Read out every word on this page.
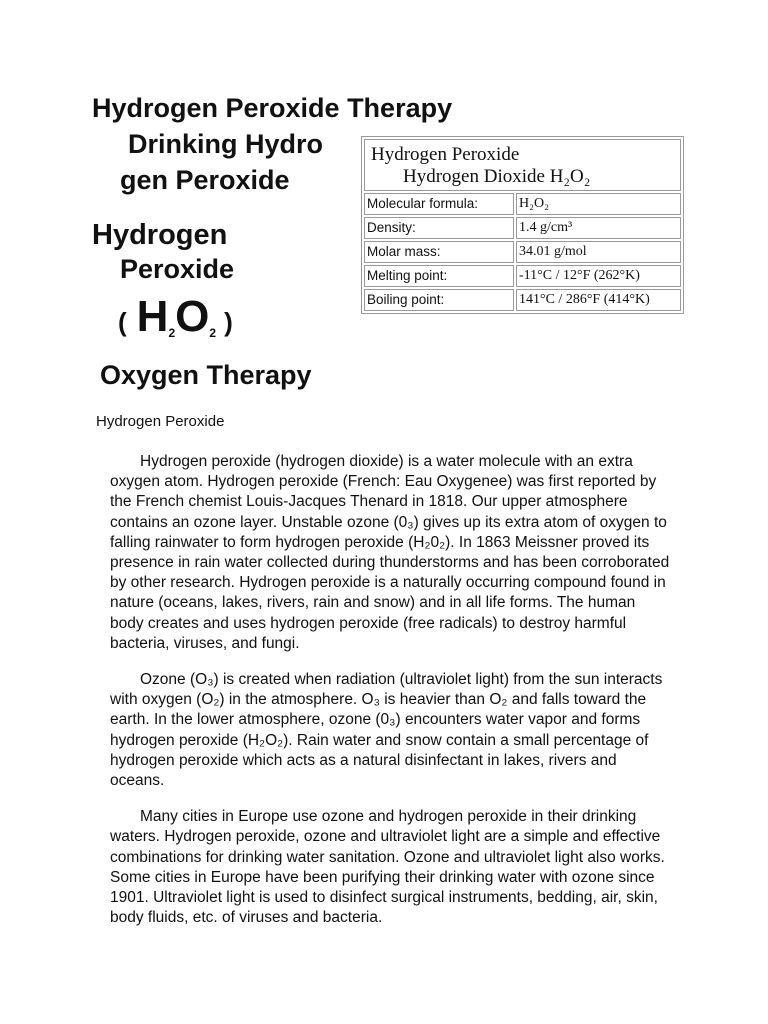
Hydrogen Peroxide Therapy
Drinking Hydro
gen Peroxide
Hydrogen
Peroxide
( H 2 O 2 )
Oxygen Therapy
Hydrogen Peroxide
Hydrogen Peroxide
Hydrogen Dioxide H₂O₂
Molecular formula:	H₂O₂
Density:	1.4 g/cm³
Molar mass:	34.01 g/mol
Melting point:	-11°C / 12°F (262°K)
Boiling point:	141°C / 286°F (414°K)

Hydrogen peroxide (hydrogen dioxide) is a water molecule with an extra oxygen atom. Hydrogen peroxide (French: Eau Oxygenee) was first reported by the French chemist Louis-Jacques Thenard in 1818. Our upper atmosphere contains an ozone layer. Unstable ozone (0₃) gives up its extra atom of oxygen to falling rainwater to form hydrogen peroxide (H₂0₂). In 1863 Meissner proved its presence in rain water collected during thunderstorms and has been corroborated by other research. Hydrogen peroxide is a naturally occurring compound found in nature (oceans, lakes, rivers, rain and snow) and in all life forms. The human body creates and uses hydrogen peroxide (free radicals) to destroy harmful bacteria, viruses, and fungi.

Ozone (O₃) is created when radiation (ultraviolet light) from the sun interacts with oxygen (O₂) in the atmosphere. O₃ is heavier than O₂ and falls toward the earth. In the lower atmosphere, ozone (0₃) encounters water vapor and forms hydrogen peroxide (H₂O₂). Rain water and snow contain a small percentage of hydrogen peroxide which acts as a natural disinfectant in lakes, rivers and oceans.

Many cities in Europe use ozone and hydrogen peroxide in their drinking waters. Hydrogen peroxide, ozone and ultraviolet light are a simple and effective combinations for drinking water sanitation. Ozone and ultraviolet light also works. Some cities in Europe have been purifying their drinking water with ozone since 1901. Ultraviolet light is used to disinfect surgical instruments, bedding, air, skin, body fluids, etc. of viruses and bacteria.
